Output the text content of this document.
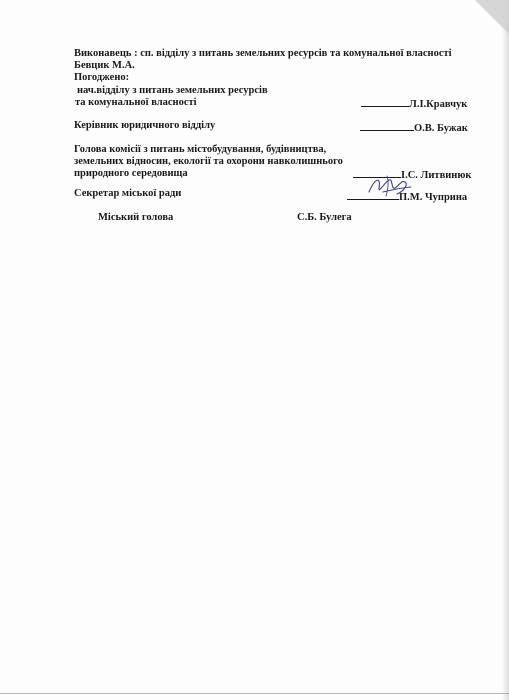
Виконавець : сп. відділу з питань земельних ресурсів та комунальної власності
Бевцик М.А.
Погоджено:
нач.відділу з питань земельних ресурсів
та комунальної власності	Л.І.Кравчук
Керівник юридичного відділу	О.В. Бужак
Голова комісії з питань містобудування, будівництва,
земельних відносин, екології та охорони навколишнього
природного середовища	І.С. Литвинюк
Секретар міської ради	П.М. Чуприна
Міський голова	С.Б. Булега
